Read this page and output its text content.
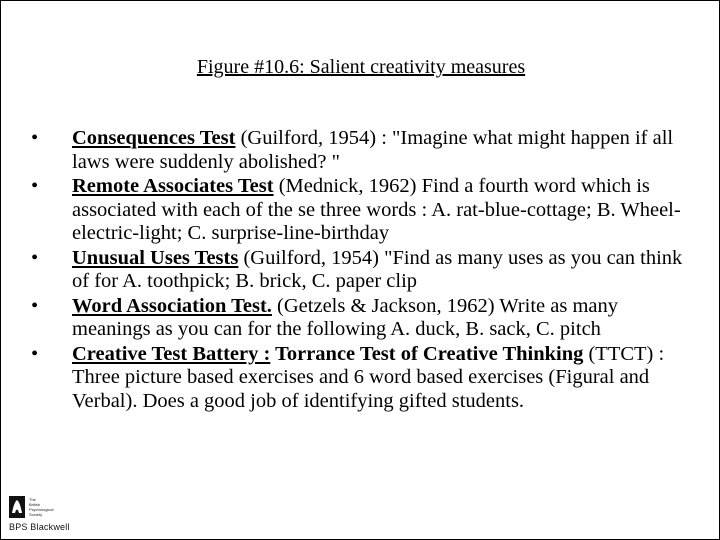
Figure #10.6: Salient creativity measures
•	Consequences Test (Guilford, 1954) : "Imagine what might happen if all laws were suddenly abolished? "
•	Remote Associates Test (Mednick, 1962) Find a fourth word which is associated with each of the se three words : A. rat-blue-cottage; B. Wheel-electric-light; C. surprise-line-birthday
•	Unusual Uses Tests (Guilford, 1954) "Find as many uses as you can think of for A. toothpick; B. brick, C. paper clip
•	Word Association Test. (Getzels & Jackson, 1962) Write as many meanings as you can for the following A. duck, B. sack, C. pitch
•	Creative Test Battery : Torrance Test of Creative Thinking (TTCT) : Three picture based exercises and 6 word based exercises (Figural and Verbal). Does a good job of identifying gifted students.
The
British
Psychological
Society
BPS Blackwell
